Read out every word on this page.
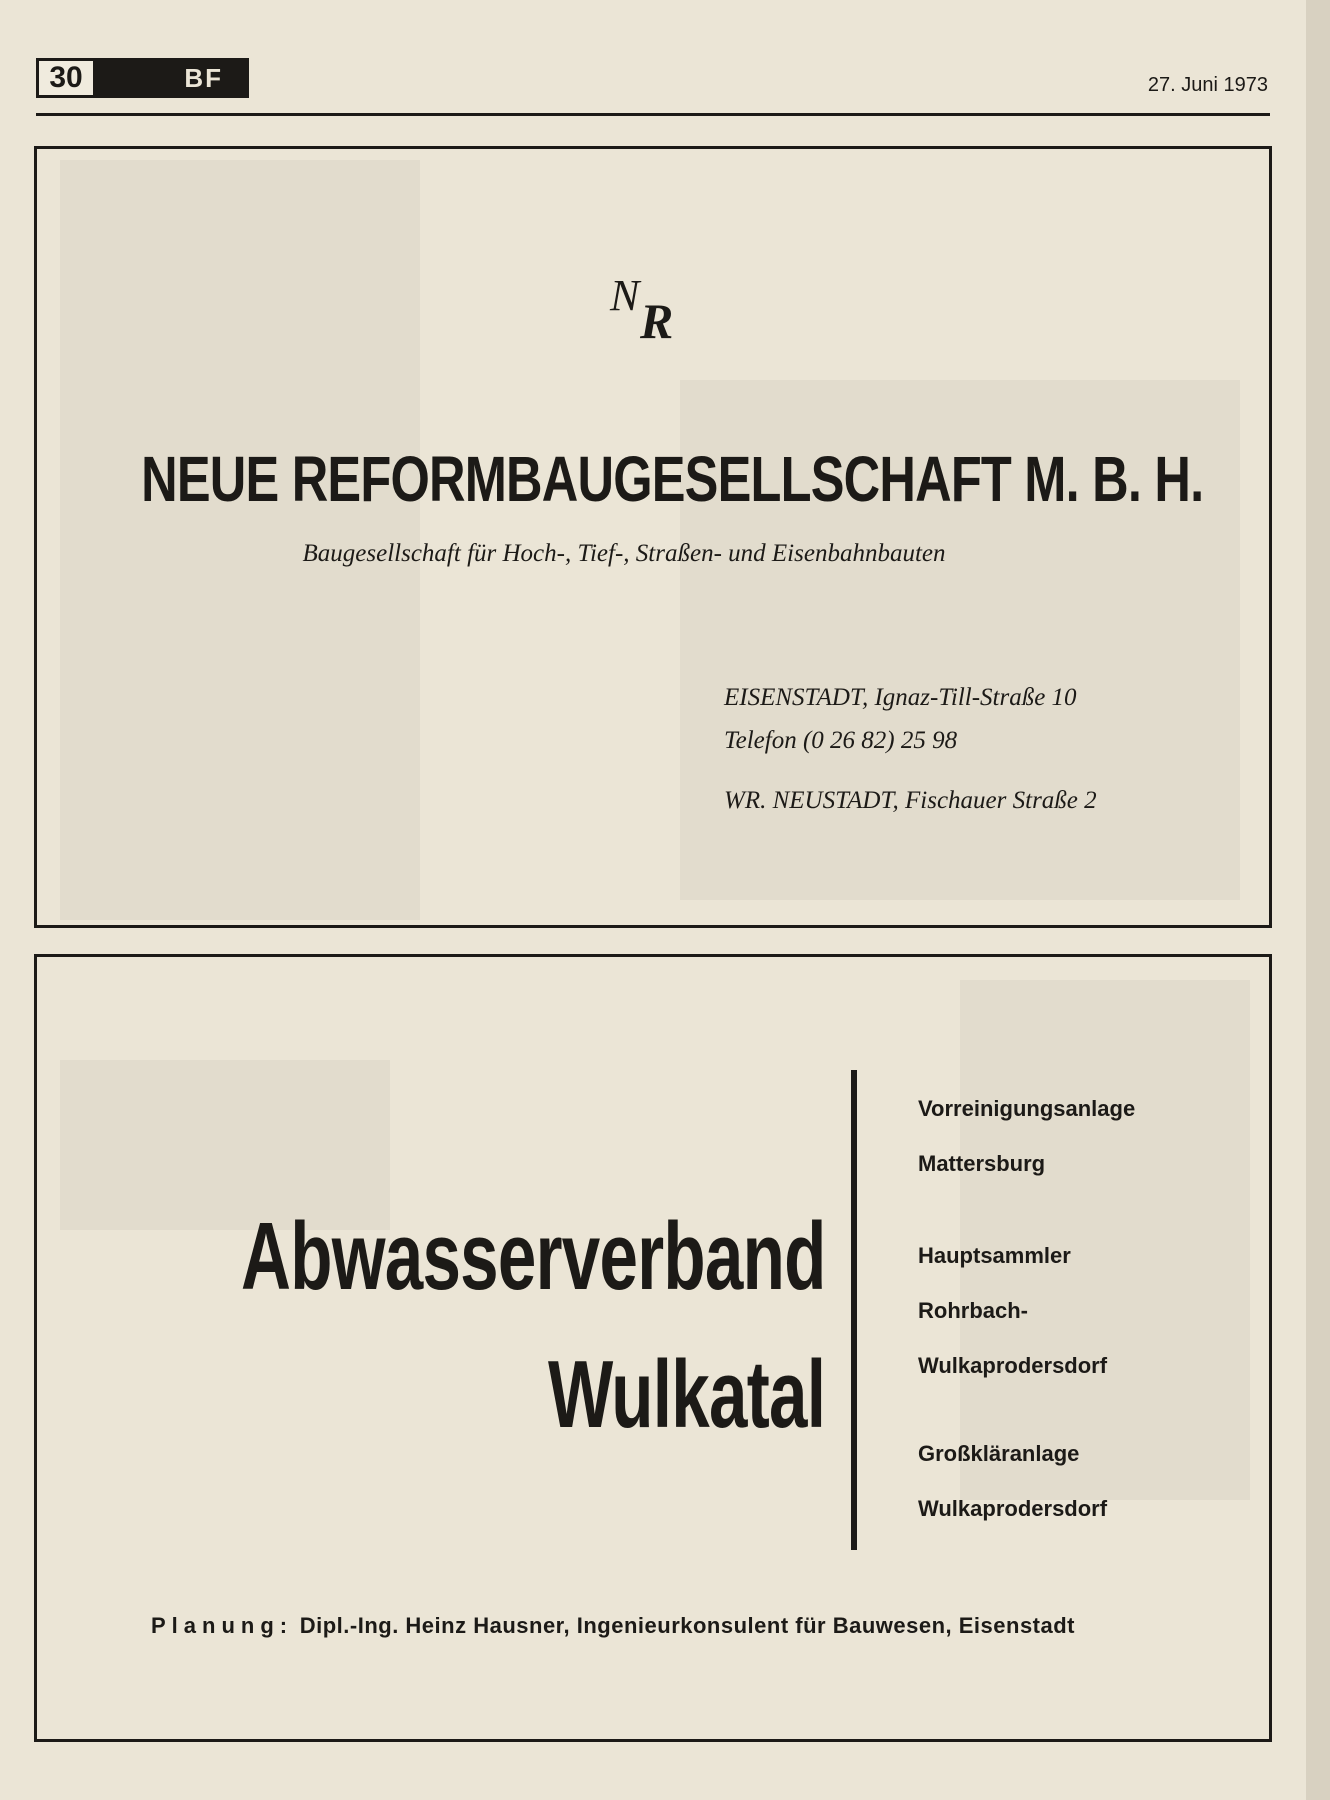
30	BF	27. Juni 1973
N R
NEUE REFORMBAUGESELLSCHAFT M. B. H.
Baugesellschaft für Hoch-, Tief-, Straßen- und Eisenbahnbauten
EISENSTADT, Ignaz-Till-Straße 10
Telefon (0 26 82) 25 98
WR. NEUSTADT, Fischauer Straße 2
Abwasserverband
Wulkatal
Vorreinigungsanlage
Mattersburg
Hauptsammler
Rohrbach-
Wulkaprodersdorf
Großkläranlage
Wulkaprodersdorf
Planung: Dipl.-Ing. Heinz Hausner, Ingenieurkonsulent für Bauwesen, Eisenstadt
